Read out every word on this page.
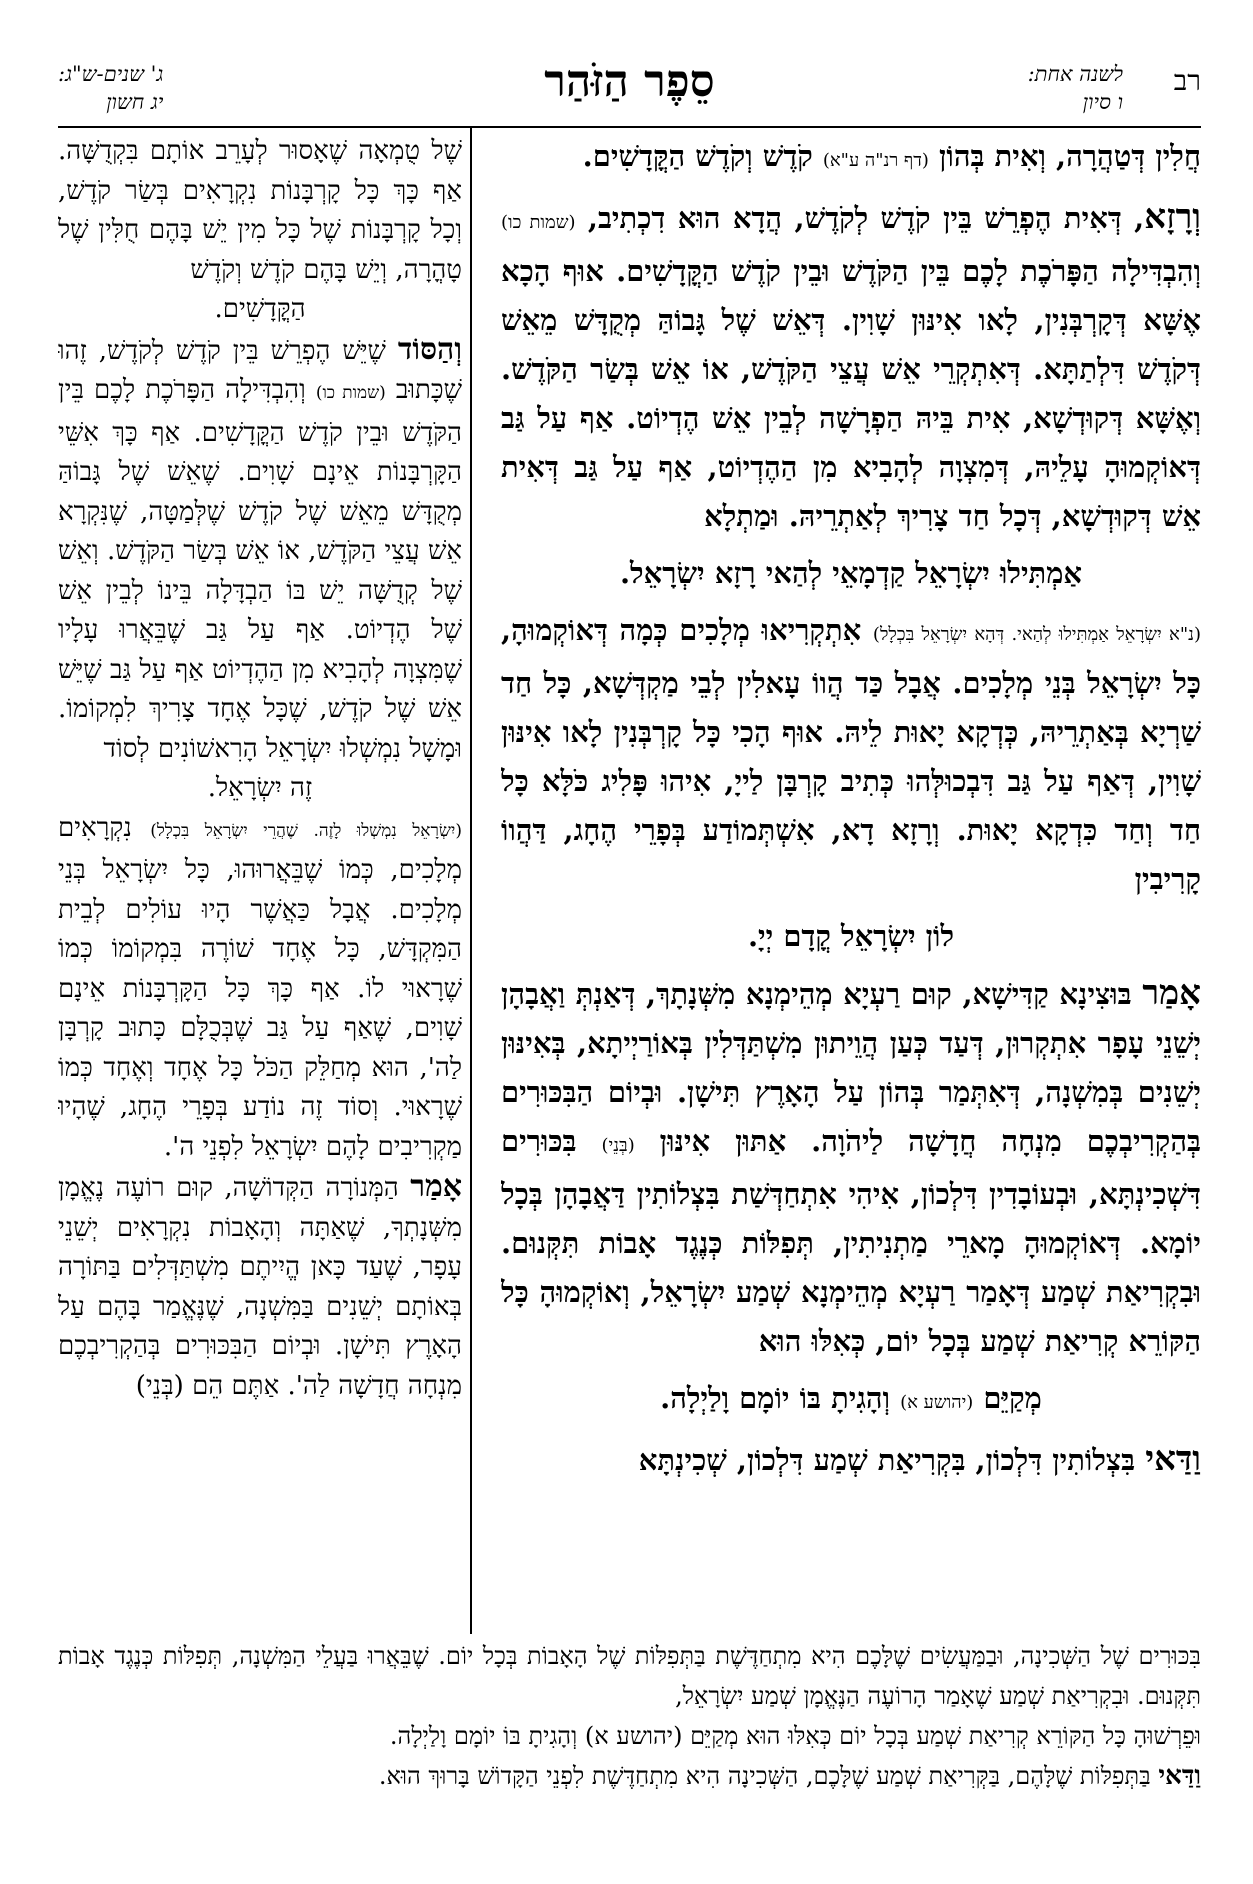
רב
לשנה אחת:
ו סיון
סֵפֶר הַזֹּהַר
ג' שנים-ש"ג:
יג חשון

חֲלִין דְּטַהֲרָה, וְאִית בְּהוֹן (דף רנ"ה ע"א) קֹדֶשׁ וְקֹדֶשׁ הַקֳּדָשִׁים.

וְרָזָא, דְּאִית הֶפְרֵשׁ בֵּין קֹדֶשׁ לְקֹדֶשׁ, הֲדָא הוּא דִכְתִיב, (שמות כו) וְהִבְדִּילָה הַפָּרֹכֶת לָכֶם בֵּין הַקֹּדֶשׁ וּבֵין קֹדֶשׁ הַקֳּדָשִׁים. אוּף הָכָא אֶשָּׁא דְּקָרְבְּנִין, לָאו אִינּוּן שָׁוִין. דְּאֵשׁ שֶׁל גָּבוֹהַּ מְקֻדָּשׁ מֵאֵשׁ דְּקֹדֶשׁ דִּלְתַתָּא. דְּאִתְקְרֵי אֵשׁ עֲצֵי הַקֹּדֶשׁ, אוֹ אֵשׁ בְּשַׂר הַקֹּדֶשׁ. וְאֶשָּׁא דְּקוּדְשָׁא, אִית בֵּיהּ הַפְרָשָׁה לְבֵין אֵשׁ הֶדְיוֹט. אַף עַל גַּב דְּאוֹקְמוּהָ עָלֵיהּ, דְּמִצְוָה לְהָבִיא מִן הַהֶדְיוֹט, אַף עַל גַּב דְּאִית אֵשׁ דְּקוּדְשָׁא, דְּכָל חַד צָרִיךְ לְאַתְרֵיהּ. וּמַתְלָא

אַמְתִּילוּ יִשְׂרָאֵל קַדְמָאֵי לְהַאי רָזָא יִשְׂרָאֵל.

(נ"א יִשְׂרָאֵל אַמְתִּילוּ לְהַאי. דְּהָא יִשְׂרָאֵל בִּכְלָל) אִתְקְרִיאוּ מְלָכִים כְּמָה דְּאוֹקְמוּהָ, כָּל יִשְׂרָאֵל בְּנֵי מְלָכִים. אֲבָל כַּד הֲווֹ עָאלִין לְבֵי מַקְדְּשָׁא, כָּל חַד שַׁרְיָא בְּאַתְרֵיהּ, כְּדְקָא יָאוּת לֵיהּ. אוּף הָכִי כָּל קָרְבְּנִין לָאו אִינּוּן שָׁוִין, דְּאַף עַל גַּב דִּבְכוּלְּהוּ כְּתִיב קָרְבָּן לַייָ, אִיהוּ פָּלִיג כֹּלָּא כָּל חַד וְחַד כִּדְקָא יָאוּת. וְרָזָא דָא, אִשְׁתְּמוֹדַע בְּפָרֵי הֶחָג, דַּהֲווֹ קָרִיבִין

לוֹן יִשְׂרָאֵל קֳדָם יְיָ.

אָמַר בּוּצִינָא קַדִּישָׁא, קוּם רַעְיָא מְהֵימְנָא מִשְּׁנָתָךְ, דְּאַנְתְּ וַאֲבָהָן יְשֵׁנֵי עָפָר אִתְקְרוּן, דְּעַד כְּעַן הֲוֵיתוּן מִשְׁתַּדְּלִין בְּאוֹרַיְיתָא, בְּאִינּוּן יְשֵׁנִים בְּמִשְׁנָה, דְּאִתְּמַר בְּהוֹן עַל הָאָרֶץ תִּישָׁן. וּבְיוֹם הַבִּכּוּרִים בְּהַקְרִיבְכֶם מִנְחָה חֲדָשָׁה לַיהֹוָה. אַתּוּן אִינּוּן (בְּנֵי) בִּכּוּרִים דִּשְׁכִינְתָּא, וּבְעוֹבָדִין דִּלְכוֹן, אִיהִי אִתְחַדְּשַׁת בִּצְלוֹתִין דַּאֲבָהָן בְּכָל יוֹמָא. דְּאוֹקְמוּהָ מָארֵי מַתְנִיתִין, תְּפִלּוֹת כְּנֶגֶד אָבוֹת תִּקְּנוּם. וּבִקְרִיאַת שְׁמַע דְּאָמַר רַעְיָא מְהֵימְנָא שְׁמַע יִשְׂרָאֵל, וְאוֹקְמוּהָ כָּל הַקּוֹרֵא קְרִיאַת שְׁמַע בְּכָל יוֹם, כְּאִלּוּ הוּא

מְקַיֵּם (יהושע א) וְהָגִיתָ בּוֹ יוֹמָם וָלַיְלָה.

וַדַּאי בִּצְלוֹתִין דִּלְכוֹן, בִּקְרִיאַת שְׁמַע דִּלְכוֹן, שְׁכִינְתָּא

שֶׁל טֻמְאָה שֶׁאָסוּר לְעָרֵב אוֹתָם בִּקְדֻשָּׁה. אַף כָּךְ כָּל קָרְבָּנוֹת נִקְרָאִים בְּשַׂר קֹדֶשׁ, וְכָל קָרְבָּנוֹת שֶׁל כָּל מִין יֵשׁ בָּהֶם חֻלִּין שֶׁל טָהֳרָה, וְיֵשׁ בָּהֶם קֹדֶשׁ וְקֹדֶשׁ

הַקֳּדָשִׁים.

וְהַסּוֹד שֶׁיֵּשׁ הֶפְרֵשׁ בֵּין קֹדֶשׁ לְקֹדֶשׁ, זֶהוּ שֶׁכָּתוּב (שמות כו) וְהִבְדִּילָה הַפָּרֹכֶת לָכֶם בֵּין הַקֹּדֶשׁ וּבֵין קֹדֶשׁ הַקֳּדָשִׁים. אַף כָּךְ אִשֵּׁי הַקָּרְבָּנוֹת אֵינָם שָׁוִים. שֶׁאֵשׁ שֶׁל גָּבוֹהַּ מְקֻדָּשׁ מֵאֵשׁ שֶׁל קֹדֶשׁ שֶׁלְּמַטָּה, שֶׁנִּקְרָא אֵשׁ עֲצֵי הַקֹּדֶשׁ, אוֹ אֵשׁ בְּשַׂר הַקֹּדֶשׁ. וְאֵשׁ שֶׁל קְדֻשָּׁה יֵשׁ בּוֹ הַבְדָּלָה בֵּינוֹ לְבֵין אֵשׁ שֶׁל הֶדְיוֹט. אַף עַל גַּב שֶׁבֵּאֲרוּ עָלָיו שֶׁמִּצְוָה לְהָבִיא מִן הַהֶדְיוֹט אַף עַל גַּב שֶׁיֵּשׁ אֵשׁ שֶׁל קֹדֶשׁ, שֶׁכָּל אֶחָד צָרִיךְ לִמְקוֹמוֹ. וּמָשָׁל נִמְשְׁלוּ יִשְׂרָאֵל הָרִאשׁוֹנִים לְסוֹד

זֶה יִשְׂרָאֵל.

(יִשְׂרָאֵל נִמְשְׁלוּ לָזֶה. שֶׁהֲרֵי יִשְׂרָאֵל בִּכְלָל) נִקְרָאִים מְלָכִים, כְּמוֹ שֶׁבֵּאֲרוּהוּ, כָּל יִשְׂרָאֵל בְּנֵי מְלָכִים. אֲבָל כַּאֲשֶׁר הָיוּ עוֹלִים לְבֵית הַמִּקְדָּשׁ, כָּל אֶחָד שׁוֹרֶה בִּמְקוֹמוֹ כְּמוֹ שֶׁרָאוּי לוֹ. אַף כָּךְ כָּל הַקָּרְבָּנוֹת אֵינָם שָׁוִים, שֶׁאַף עַל גַּב שֶׁבְּכֻלָּם כָּתוּב קָרְבָּן לַה', הוּא מְחַלֵּק הַכֹּל כָּל אֶחָד וְאֶחָד כְּמוֹ שֶׁרָאוּי. וְסוֹד זֶה נוֹדַע בְּפָרֵי הֶחָג, שֶׁהָיוּ מַקְרִיבִים לָהֶם יִשְׂרָאֵל לִפְנֵי ה'.

אָמַר הַמְּנוֹרָה הַקְּדוֹשָׁה, קוּם רוֹעֶה נֶאֱמָן מִשְּׁנָתְךָ, שֶׁאַתָּה וְהָאָבוֹת נִקְרָאִים יְשֵׁנֵי עָפָר, שֶׁעַד כָּאן הֱיִיתֶם מִשְׁתַּדְּלִים בַּתּוֹרָה בְּאוֹתָם יְשֵׁנִים בַּמִּשְׁנָה, שֶׁנֶּאֱמַר בָּהֶם עַל הָאָרֶץ תִּישָׁן. וּבְיוֹם הַבִּכּוּרִים בְּהַקְרִיבְכֶם מִנְחָה חֲדָשָׁה לַה'. אַתֶּם הֵם (בְּנֵי)

בִּכּוּרִים שֶׁל הַשְּׁכִינָה, וּבַמַּעֲשִׂים שֶׁלָּכֶם הִיא מִתְחַדֶּשֶׁת בַּתְּפִלּוֹת שֶׁל הָאָבוֹת בְּכָל יוֹם. שֶׁבֵּאֲרוּ בַּעֲלֵי הַמִּשְׁנָה, תְּפִלּוֹת כְּנֶגֶד אָבוֹת תִּקְּנוּם. וּבִקְרִיאַת שְׁמַע שֶׁאָמַר הָרוֹעֶה הַנֶּאֱמָן שְׁמַע יִשְׂרָאֵל,

וּפֵרְשׁוּהָ כָּל הַקּוֹרֵא קְרִיאַת שְׁמַע בְּכָל יוֹם כְּאִלּוּ הוּא מְקַיֵּם (יהושע א) וְהָגִיתָ בּוֹ יוֹמָם וָלַיְלָה.

וַדַּאי בַּתְּפִלּוֹת שֶׁלָּהֶם, בַּקְּרִיאַת שְׁמַע שֶׁלָּכֶם, הַשְּׁכִינָה הִיא מִתְחַדֶּשֶׁת לִפְנֵי הַקָּדוֹשׁ בָּרוּךְ הוּא.
